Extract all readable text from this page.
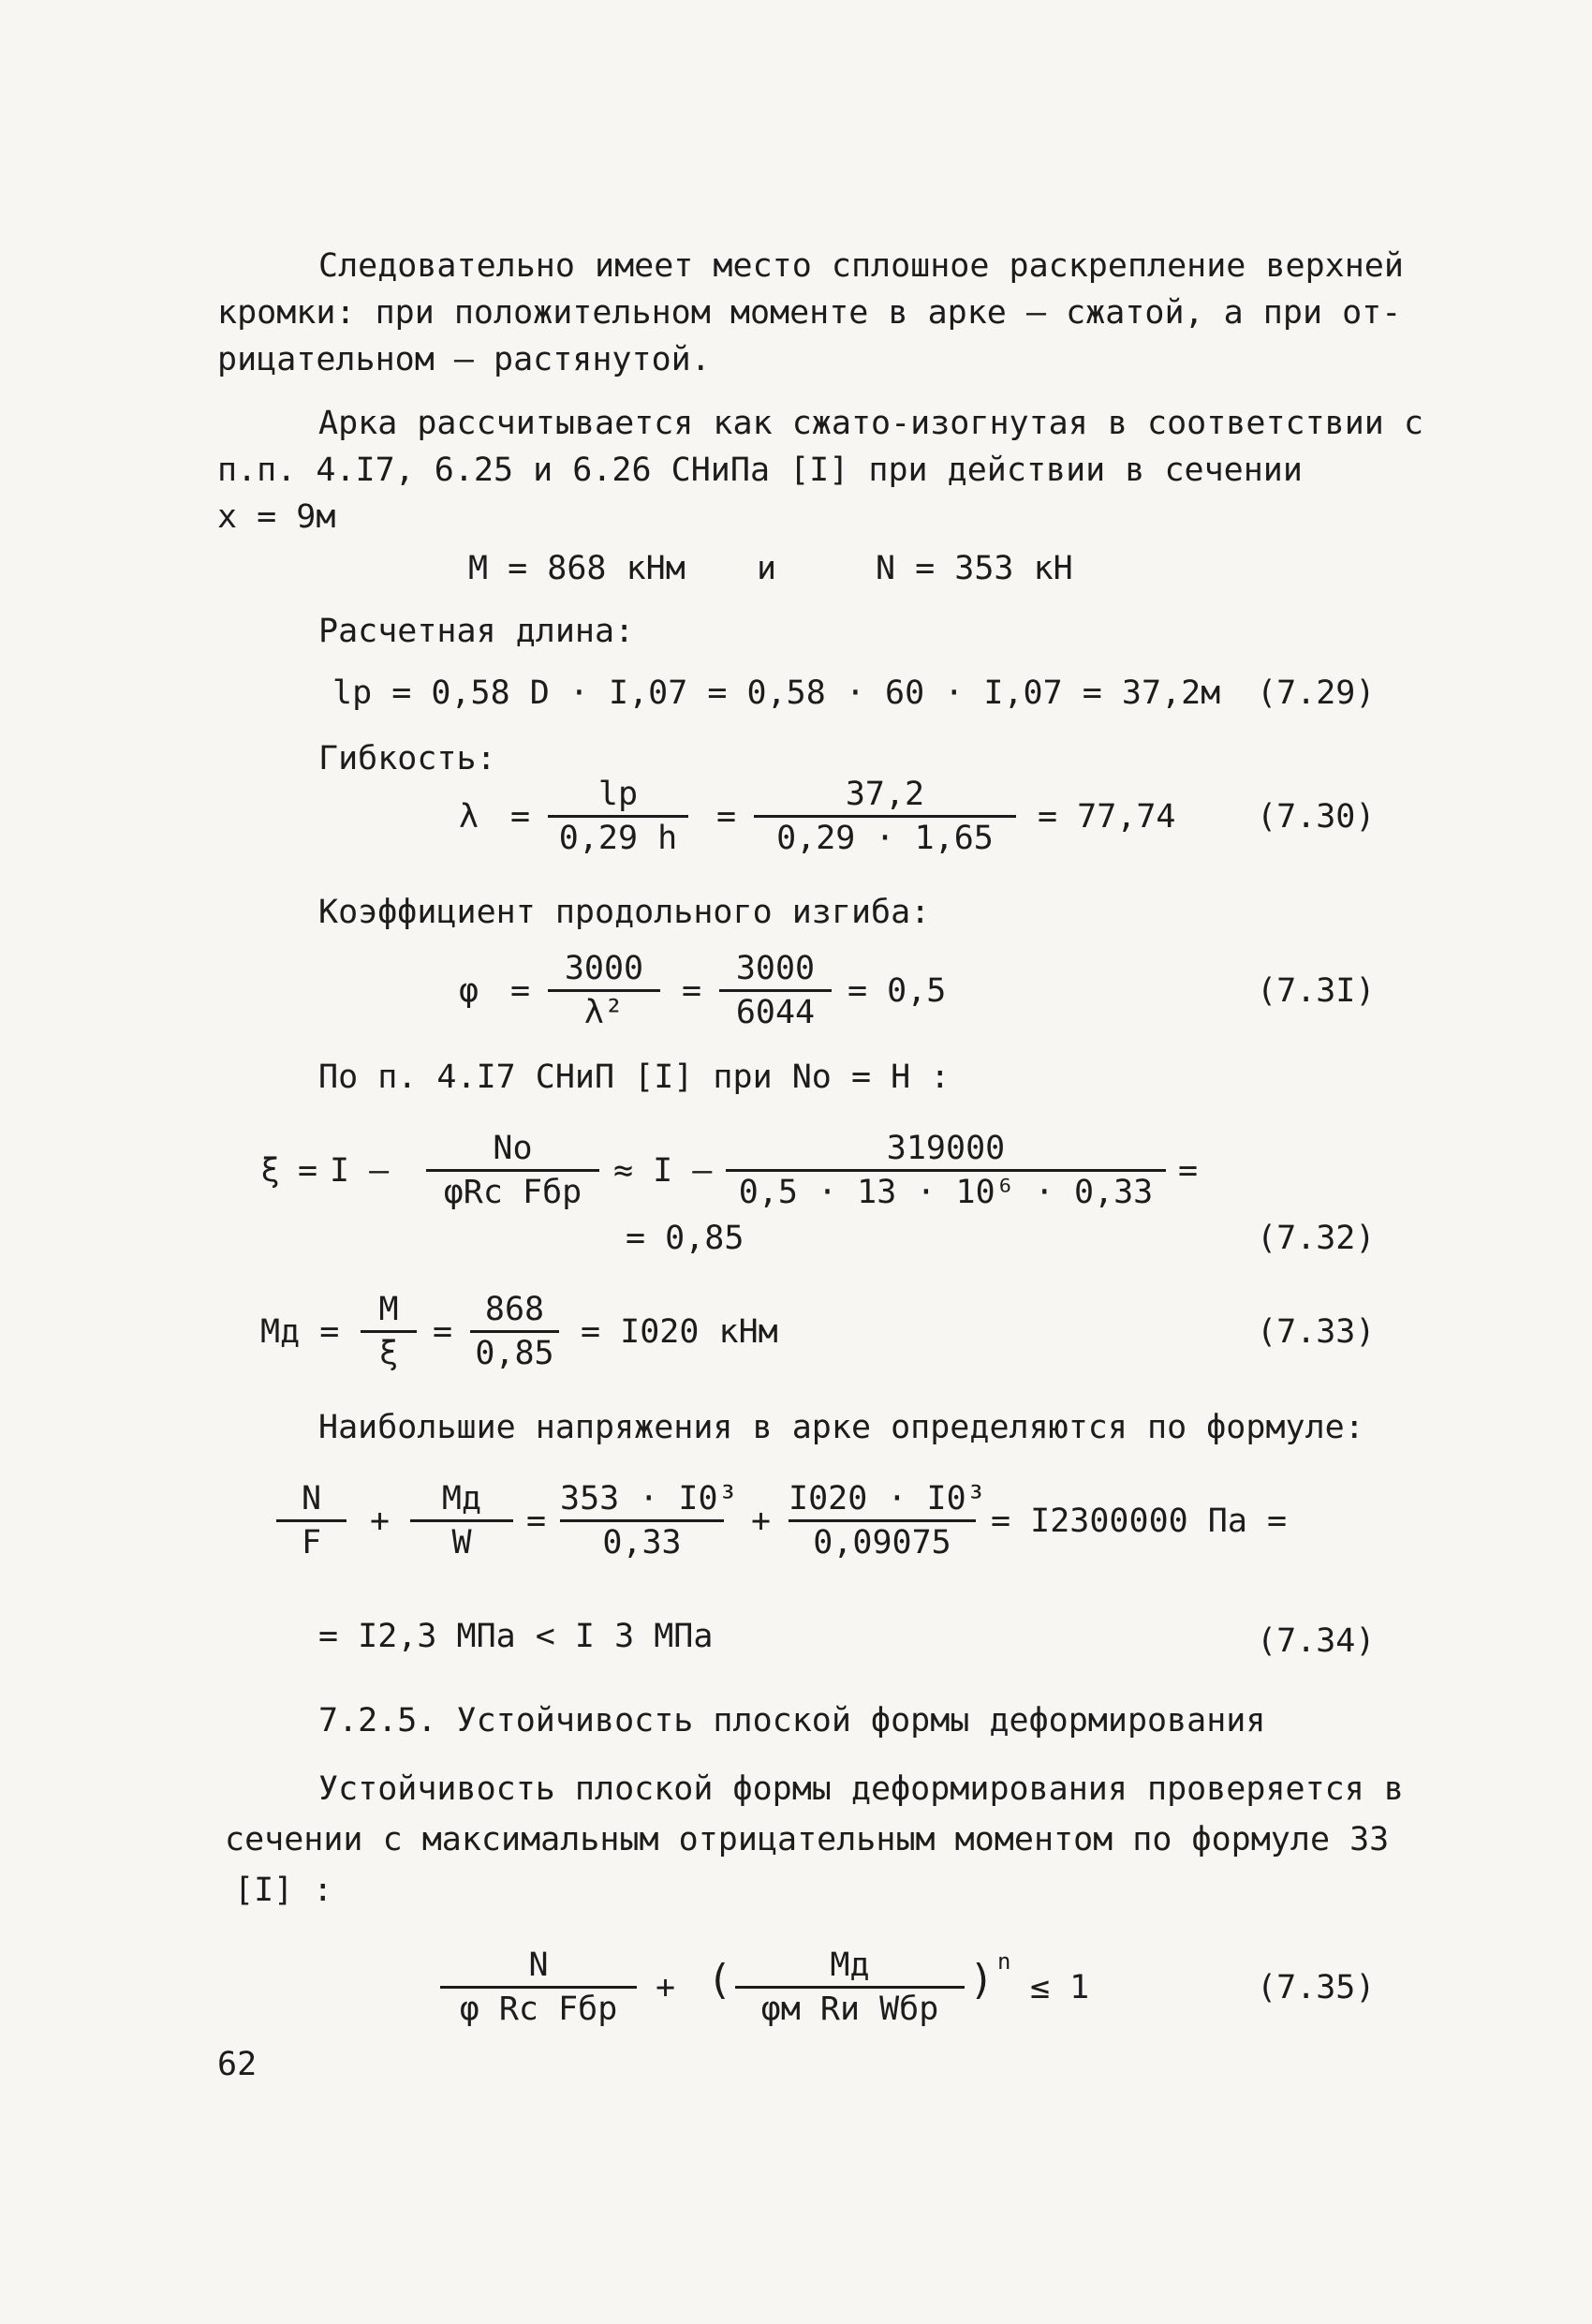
Следовательно имеет место сплошное раскрепление верхней
кромки: при положительном моменте в арке – сжатой, а при от-
рицательном – растянутой.
Арка рассчитывается как сжато-изогнутая в соответствии с
п.п. 4.I7, 6.25 и 6.26 СНиПа [I] при действии в сечении
x = 9м
М = 868 кНм и	N = 353 кН
Расчетная длина:
lp = 0,58 D · I,07 = 0,58 · 60 · I,07 = 37,2м (7.29)
Гибкость:
λ =
lр
0,29 h
=
37,2
0,29 · 1,65
= 77,74 (7.30)
Коэффициент продольного изгиба:
φ =
3000
λ²
=
3000
6044
= 0,5	(7.3I)
По п. 4.I7 СНиП [I] при Nо = Н :
ξ = I –
Nо
φRс Fбр
≈ I –
319000
0,5 · 13 · 10⁶ · 0,33
=
= 0,85	(7.32)
Мд =
М
ξ
=
868
0,85
= I020 кНм	(7.33)
Наибольшие напряжения в арке определяются по формуле:
N
F
+
Мд
W
=
353 · I0³
0,33
+
I020 · I0³
0,09075
= I2300000 Па =
= I2,3 МПа < I 3 МПа	(7.34)
7.2.5. Устойчивость плоской формы деформирования
Устойчивость плоской формы деформирования проверяется в
сечении с максимальным отрицательным моментом по формуле 33
[I] :
N
φ Rс Fбр
+ (	Мд
φм Rи Wбр
) n
≤ 1	(7.35)
62
